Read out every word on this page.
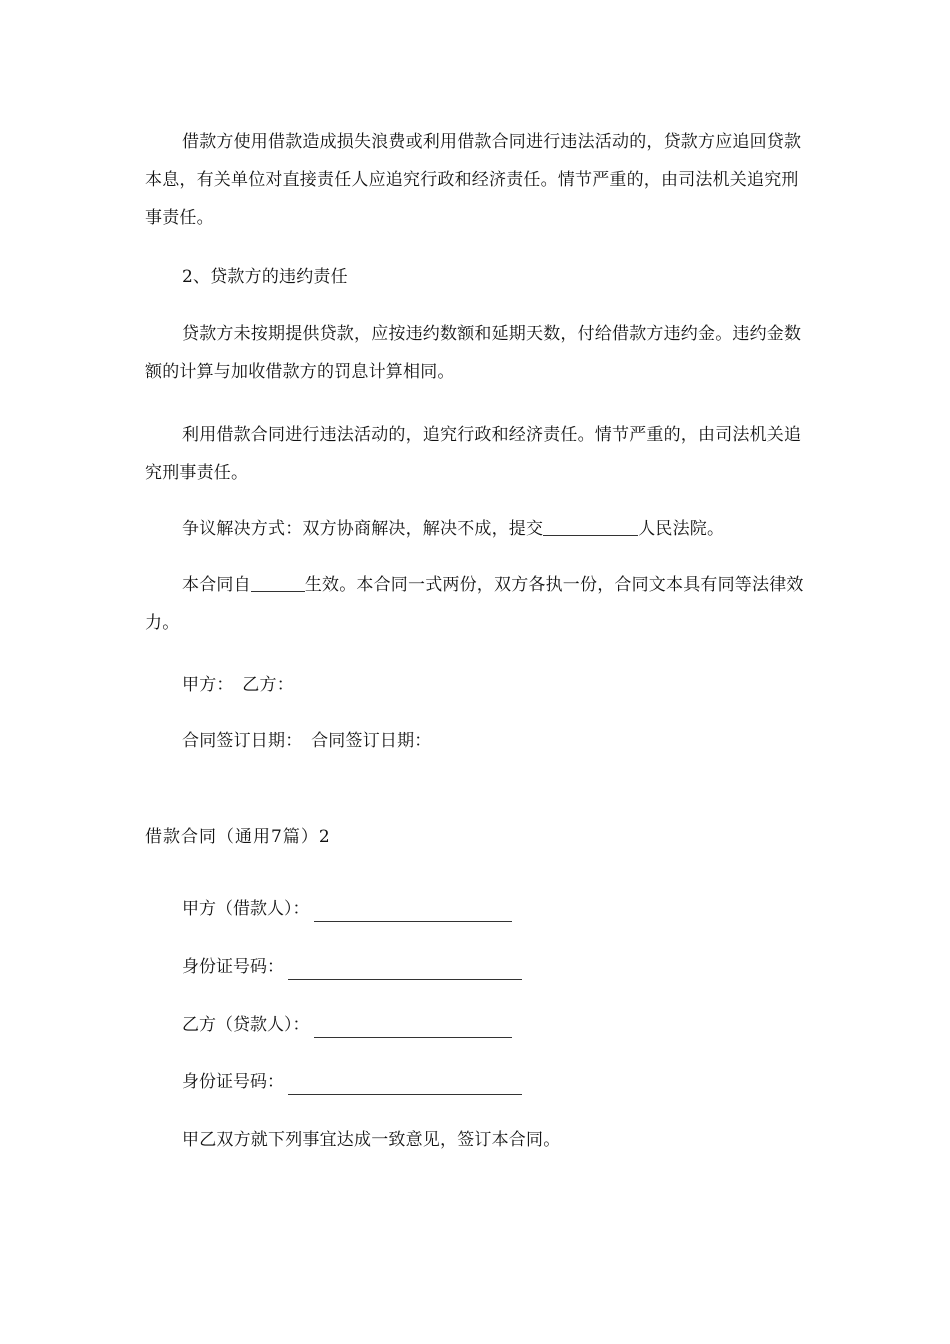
借款方使用借款造成损失浪费或利用借款合同进行违法活动的，贷款方应追回贷款本息，有关单位对直接责任人应追究行政和经济责任。情节严重的，由司法机关追究刑事责任。

2、贷款方的违约责任

贷款方未按期提供贷款，应按违约数额和延期天数，付给借款方违约金。违约金数额的计算与加收借款方的罚息计算相同。

利用借款合同进行违法活动的，追究行政和经济责任。情节严重的，由司法机关追究刑事责任。

争议解决方式：双方协商解决，解决不成，提交	人民法院。

本合同自	生效。本合同一式两份，双方各执一份，合同文本具有同等法律效力。

甲方：　乙方：

合同签订日期：　合同签订日期：

借款合同（通用7篇）2
甲方（借款人）：
身份证号码：
乙方（贷款人）：
身份证号码：

甲乙双方就下列事宜达成一致意见，签订本合同。
